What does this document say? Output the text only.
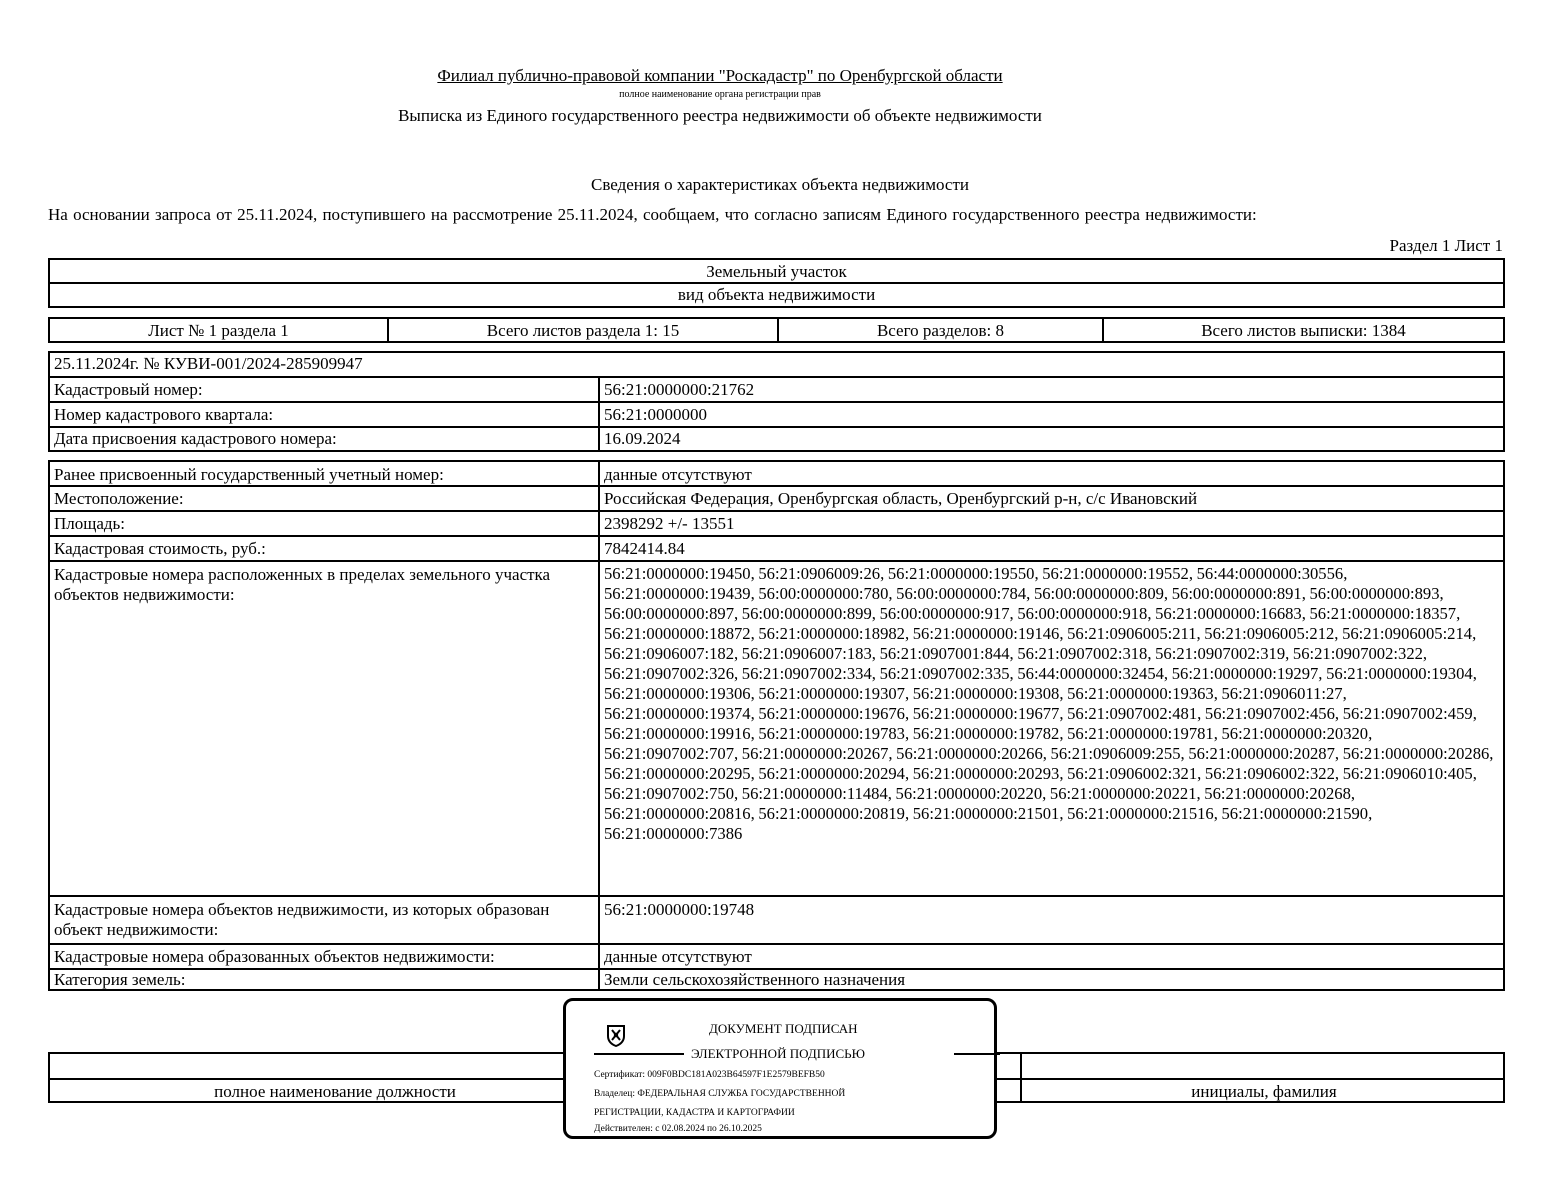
Филиал публично-правовой компании "Роскадастр" по Оренбургской области
полное наименование органа регистрации прав
Выписка из Единого государственного реестра недвижимости об объекте недвижимости
Сведения о характеристиках объекта недвижимости
На основании запроса от 25.11.2024, поступившего на рассмотрение 25.11.2024, сообщаем, что согласно записям Единого государственного реестра недвижимости:
Раздел 1 Лист 1
Земельный участок
вид объекта недвижимости
Лист № 1 раздела 1	Всего листов раздела 1: 15	Всего разделов: 8	Всего листов выписки: 1384
25.11.2024г. № КУВИ-001/2024-285909947
Кадастровый номер:	56:21:0000000:21762
Номер кадастрового квартала:	56:21:0000000
Дата присвоения кадастрового номера:	16.09.2024
Ранее присвоенный государственный учетный номер:	данные отсутствуют
Местоположение:	Российская Федерация, Оренбургская область, Оренбургский р-н, с/с Ивановский
Площадь:	2398292 +/- 13551
Кадастровая стоимость, руб.:	7842414.84
Кадастровые номера расположенных в пределах земельного участка объектов недвижимости:
56:21:0000000:19450, 56:21:0906009:26, 56:21:0000000:19550, 56:21:0000000:19552, 56:44:0000000:30556, 56:21:0000000:19439, 56:00:0000000:780, 56:00:0000000:784, 56:00:0000000:809, 56:00:0000000:891, 56:00:0000000:893, 56:00:0000000:897, 56:00:0000000:899, 56:00:0000000:917, 56:00:0000000:918, 56:21:0000000:16683, 56:21:0000000:18357, 56:21:0000000:18872, 56:21:0000000:18982, 56:21:0000000:19146, 56:21:0906005:211, 56:21:0906005:212, 56:21:0906005:214, 56:21:0906007:182, 56:21:0906007:183, 56:21:0907001:844, 56:21:0907002:318, 56:21:0907002:319, 56:21:0907002:322, 56:21:0907002:326, 56:21:0907002:334, 56:21:0907002:335, 56:44:0000000:32454, 56:21:0000000:19297, 56:21:0000000:19304, 56:21:0000000:19306, 56:21:0000000:19307, 56:21:0000000:19308, 56:21:0000000:19363, 56:21:0906011:27, 56:21:0000000:19374, 56:21:0000000:19676, 56:21:0000000:19677, 56:21:0907002:481, 56:21:0907002:456, 56:21:0907002:459, 56:21:0000000:19916, 56:21:0000000:19783, 56:21:0000000:19782, 56:21:0000000:19781, 56:21:0000000:20320, 56:21:0907002:707, 56:21:0000000:20267, 56:21:0000000:20266, 56:21:0906009:255, 56:21:0000000:20287, 56:21:0000000:20286, 56:21:0000000:20295, 56:21:0000000:20294, 56:21:0000000:20293, 56:21:0906002:321, 56:21:0906002:322, 56:21:0906010:405, 56:21:0907002:750, 56:21:0000000:11484, 56:21:0000000:20220, 56:21:0000000:20221, 56:21:0000000:20268, 56:21:0000000:20816, 56:21:0000000:20819, 56:21:0000000:21501, 56:21:0000000:21516, 56:21:0000000:21590, 56:21:0000000:7386
Кадастровые номера объектов недвижимости, из которых образован объект недвижимости:
56:21:0000000:19748
Кадастровые номера образованных объектов недвижимости:	данные отсутствуют
Категория земель:	Земли сельскохозяйственного назначения
полное наименование должности	инициалы, фамилия
ДОКУМЕНТ ПОДПИСАН
ЭЛЕКТРОННОЙ ПОДПИСЬЮ
Сертификат: 009F0BDC181A023B64597F1E2579BEFB50
Владелец: ФЕДЕРАЛЬНАЯ СЛУЖБА ГОСУДАРСТВЕННОЙ
РЕГИСТРАЦИИ, КАДАСТРА И КАРТОГРАФИИ
Действителен: с 02.08.2024 по 26.10.2025
